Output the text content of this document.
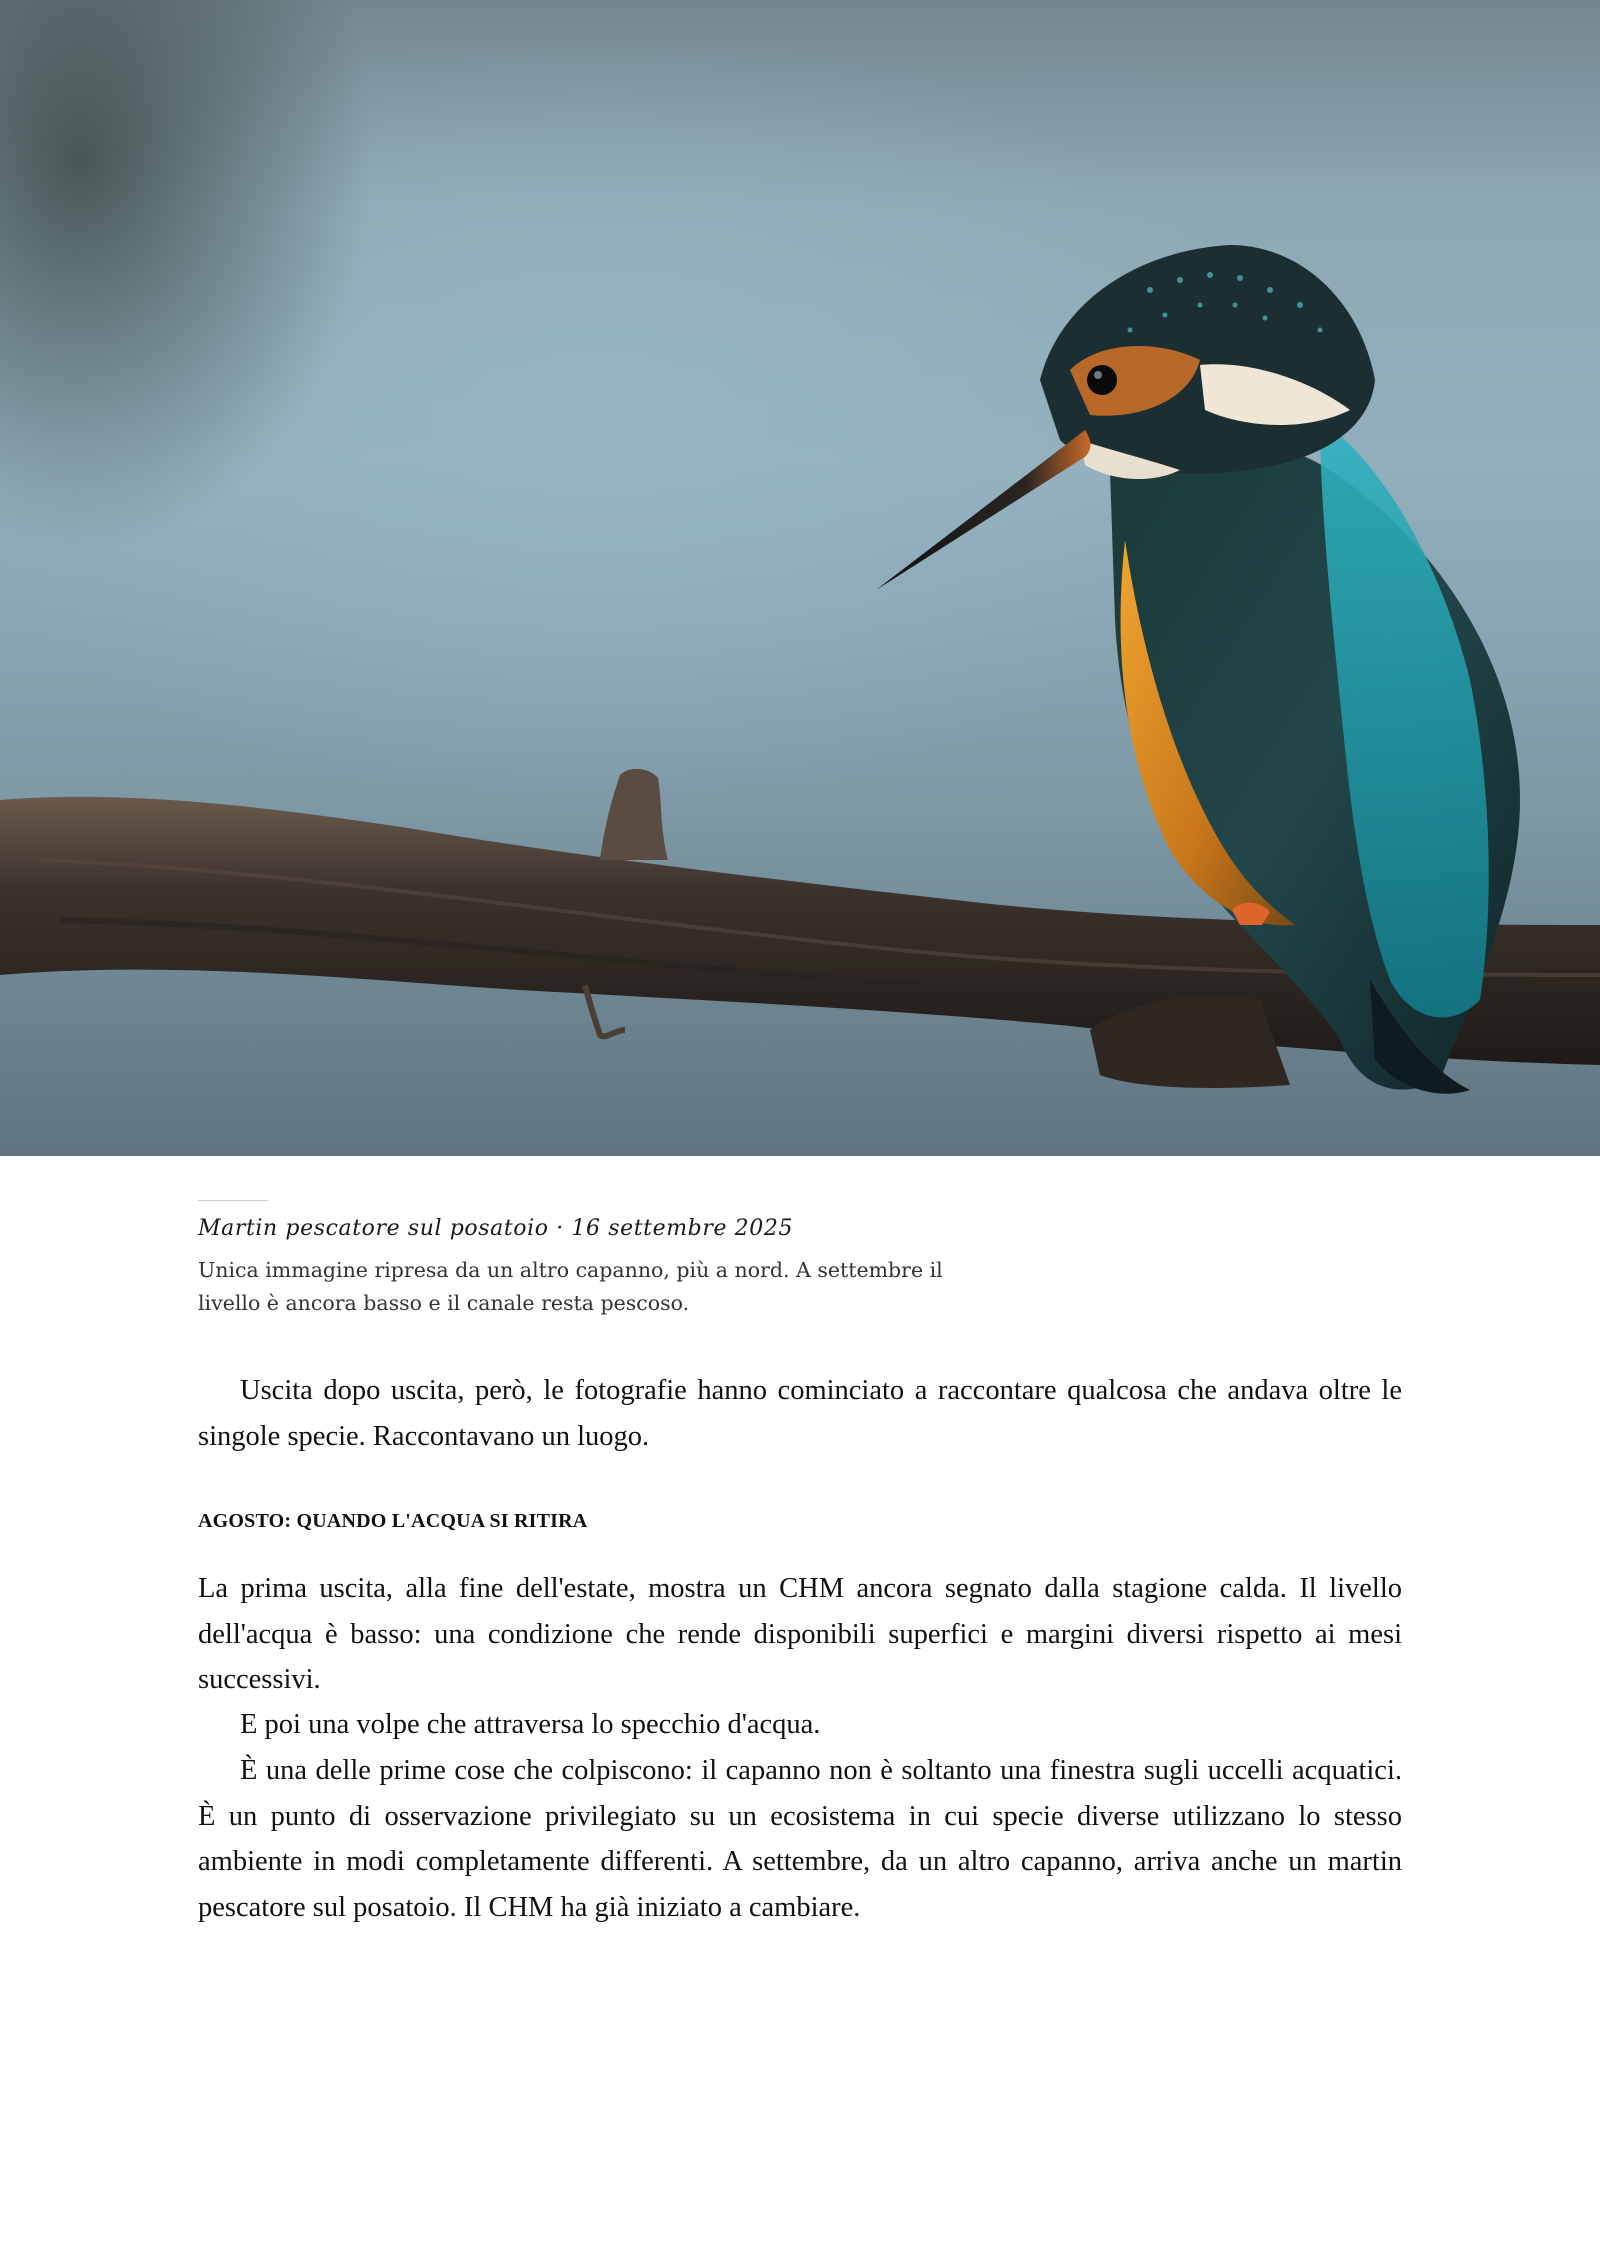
Martin pescatore sul posatoio · 16 settembre 2025
Unica immagine ripresa da un altro capanno, più a nord. A settembre il livello è ancora basso e il canale resta pescoso.

Uscita dopo uscita, però, le fotografie hanno cominciato a raccontare qualcosa che andava oltre le singole specie. Raccontavano un luogo.

AGOSTO: QUANDO L'ACQUA SI RITIRA

La prima uscita, alla fine dell'estate, mostra un CHM ancora segnato dalla stagione calda. Il livello dell'acqua è basso: una condizione che rende disponibili superfici e margini diversi rispetto ai mesi successivi.

E poi una volpe che attraversa lo specchio d'acqua.

È una delle prime cose che colpiscono: il capanno non è soltanto una finestra sugli uccelli acquatici. È un punto di osservazione privilegiato su un ecosistema in cui specie diverse utilizzano lo stesso ambiente in modi completamente differenti. A settembre, da un altro capanno, arriva anche un martin pescatore sul posatoio. Il CHM ha già iniziato a cambiare.
